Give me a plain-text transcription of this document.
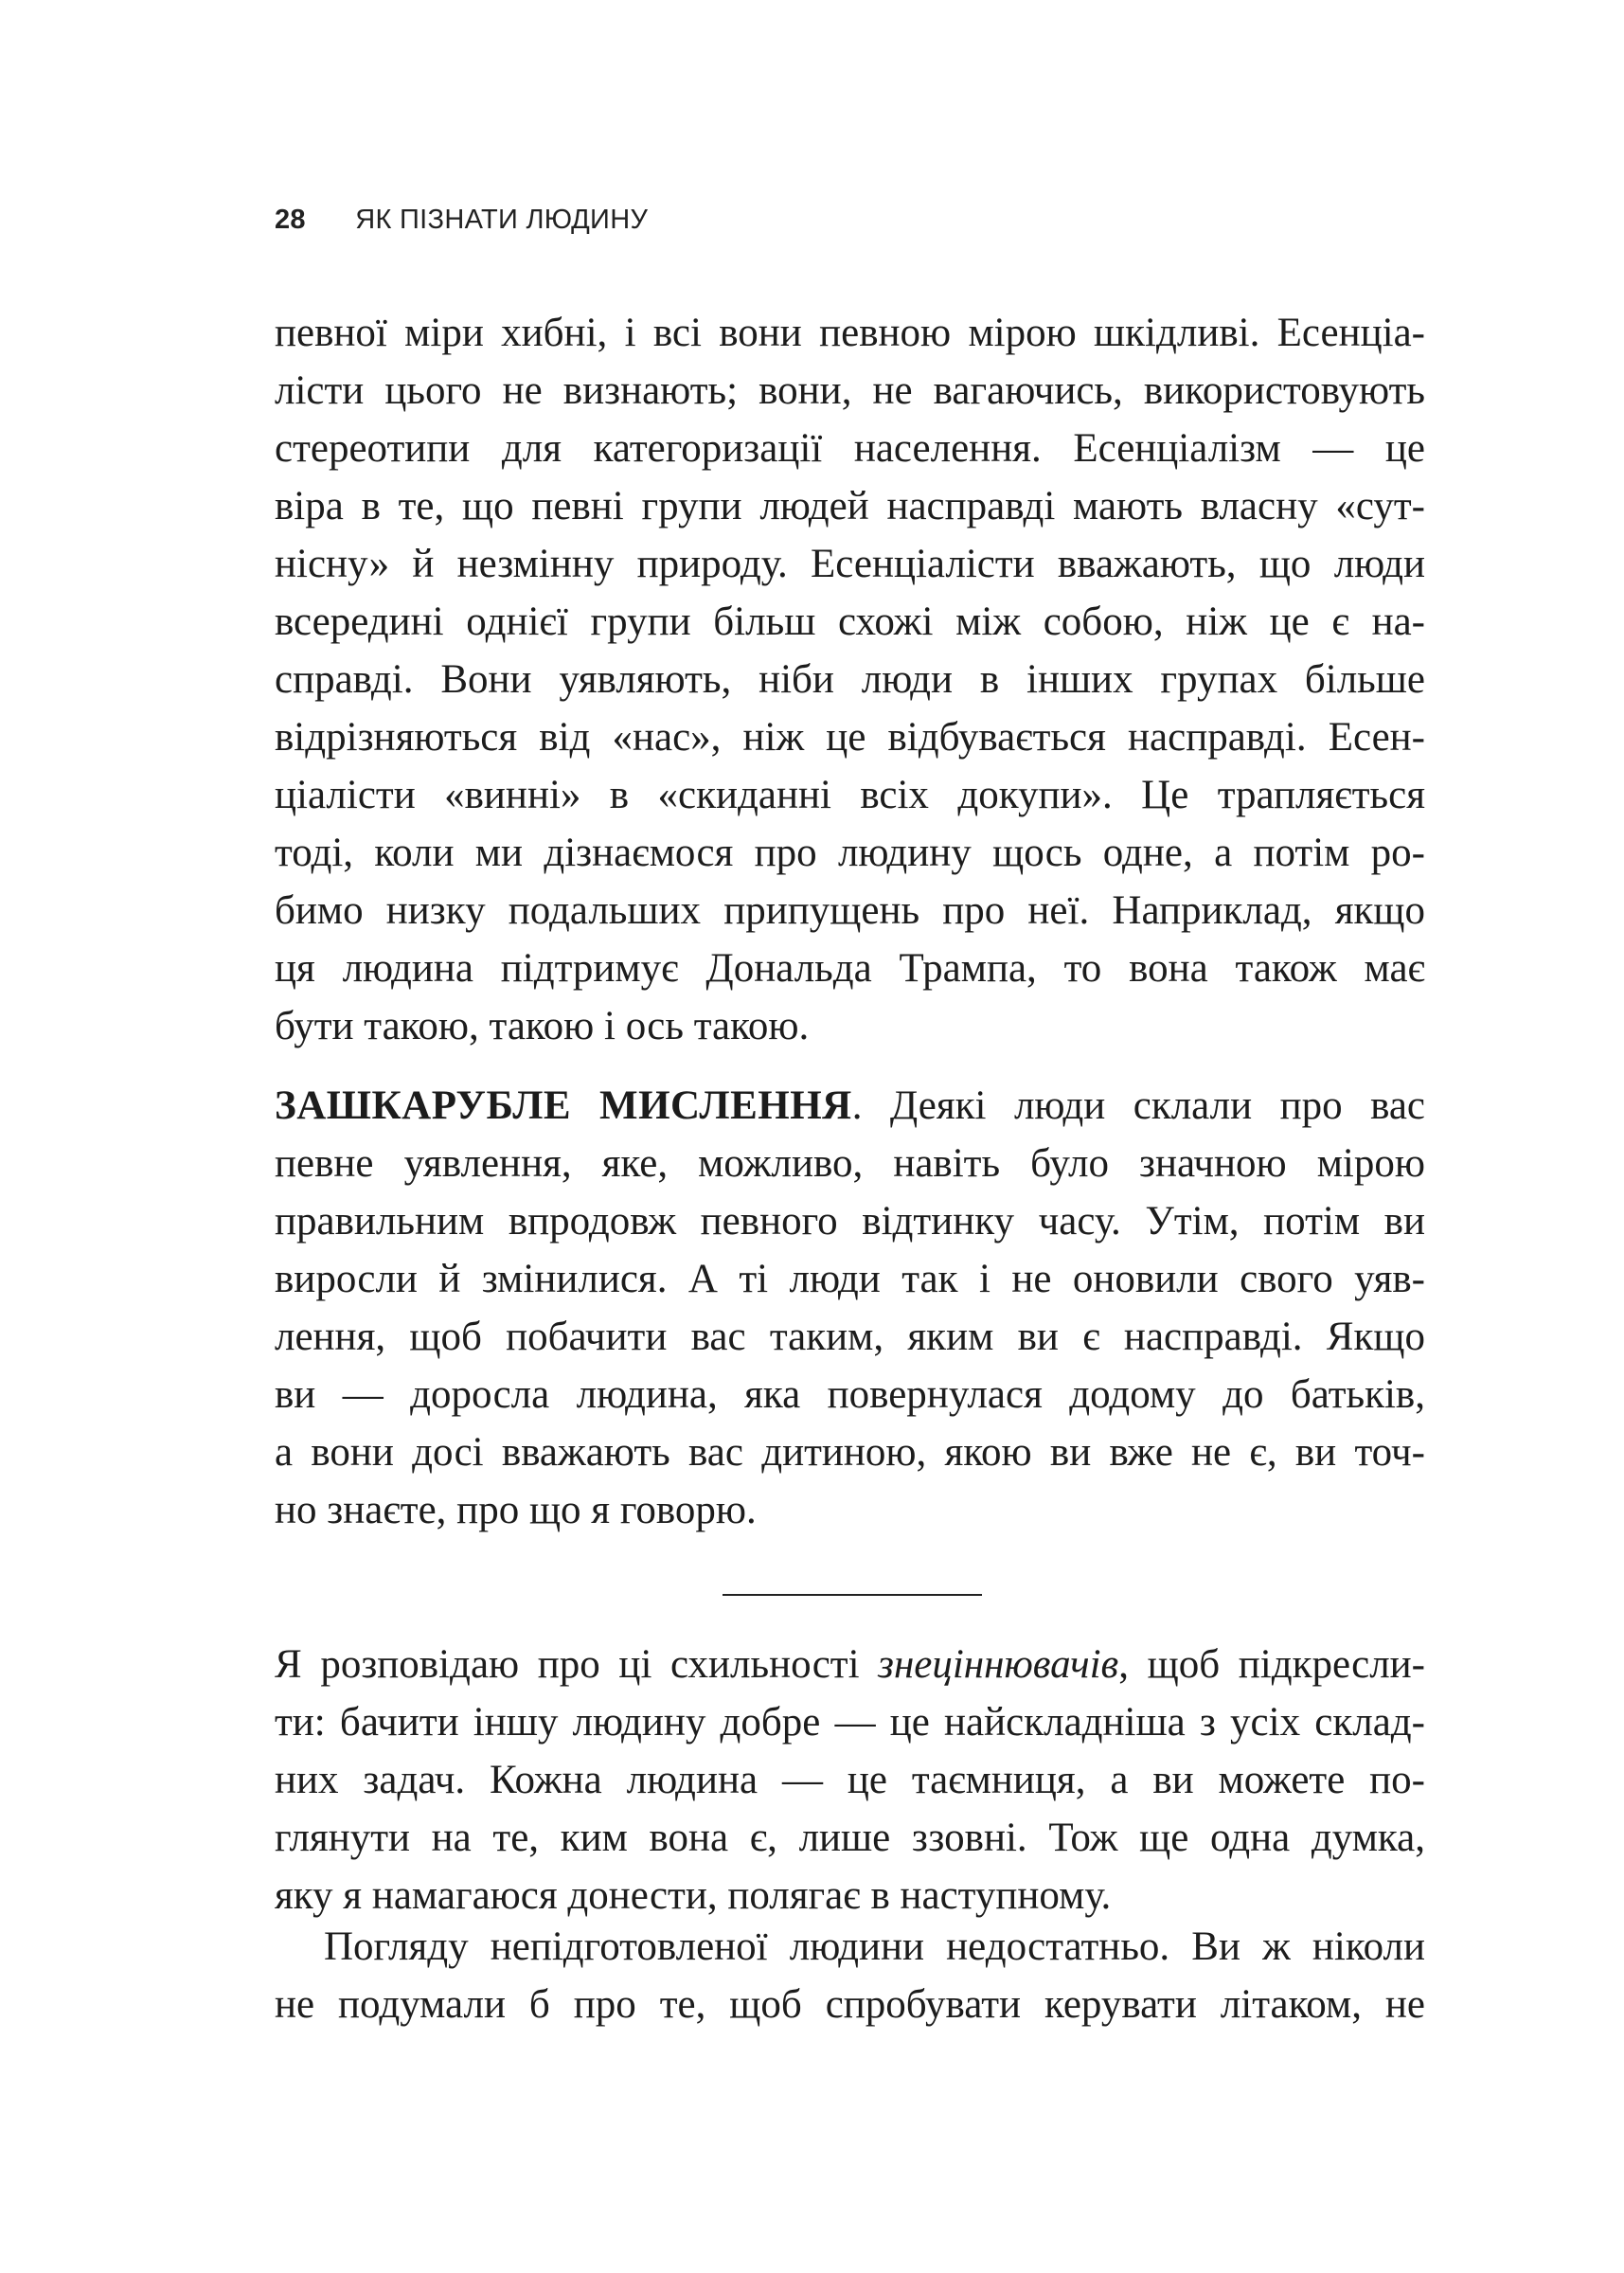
28 ЯК ПІЗНАТИ ЛЮДИНУ
певної міри хибні, і всі вони певною мірою шкідливі. Есенціа-
лісти цього не визнають; вони, не вагаючись, використовують
стереотипи для категоризації населення. Есенціалізм — це
віра в те, що певні групи людей насправді мають власну «сут-
нісну» й незмінну природу. Есенціалісти вважають, що люди
всередині однієї групи більш схожі між собою, ніж це є на-
справді. Вони уявляють, ніби люди в інших групах більше
відрізняються від «нас», ніж це відбувається насправді. Есен-
ціалісти «винні» в «скиданні всіх докупи». Це трапляється
тоді, коли ми дізнаємося про людину щось одне, а потім ро-
бимо низку подальших припущень про неї. Наприклад, якщо
ця людина підтримує Дональда Трампа, то вона також має
бути такою, такою і ось такою.
ЗАШКАРУБЛЕ МИСЛЕННЯ. Деякі люди склали про вас
певне уявлення, яке, можливо, навіть було значною мірою
правильним впродовж певного відтинку часу. Утім, потім ви
виросли й змінилися. А ті люди так і не оновили свого уяв-
лення, щоб побачити вас таким, яким ви є насправді. Якщо
ви — доросла людина, яка повернулася додому до батьків,
а вони досі вважають вас дитиною, якою ви вже не є, ви точ-
но знаєте, про що я говорю.
Я розповідаю про ці схильності знеціннювачів, щоб підкресли-
ти: бачити іншу людину добре — це найскладніша з усіх склад-
них задач. Кожна людина — це таємниця, а ви можете по-
глянути на те, ким вона є, лише ззовні. Тож ще одна думка,
яку я намагаюся донести, полягає в наступному.
Погляду непідготовленої людини недостатньо. Ви ж ніколи
не подумали б про те, щоб спробувати керувати літаком, не
